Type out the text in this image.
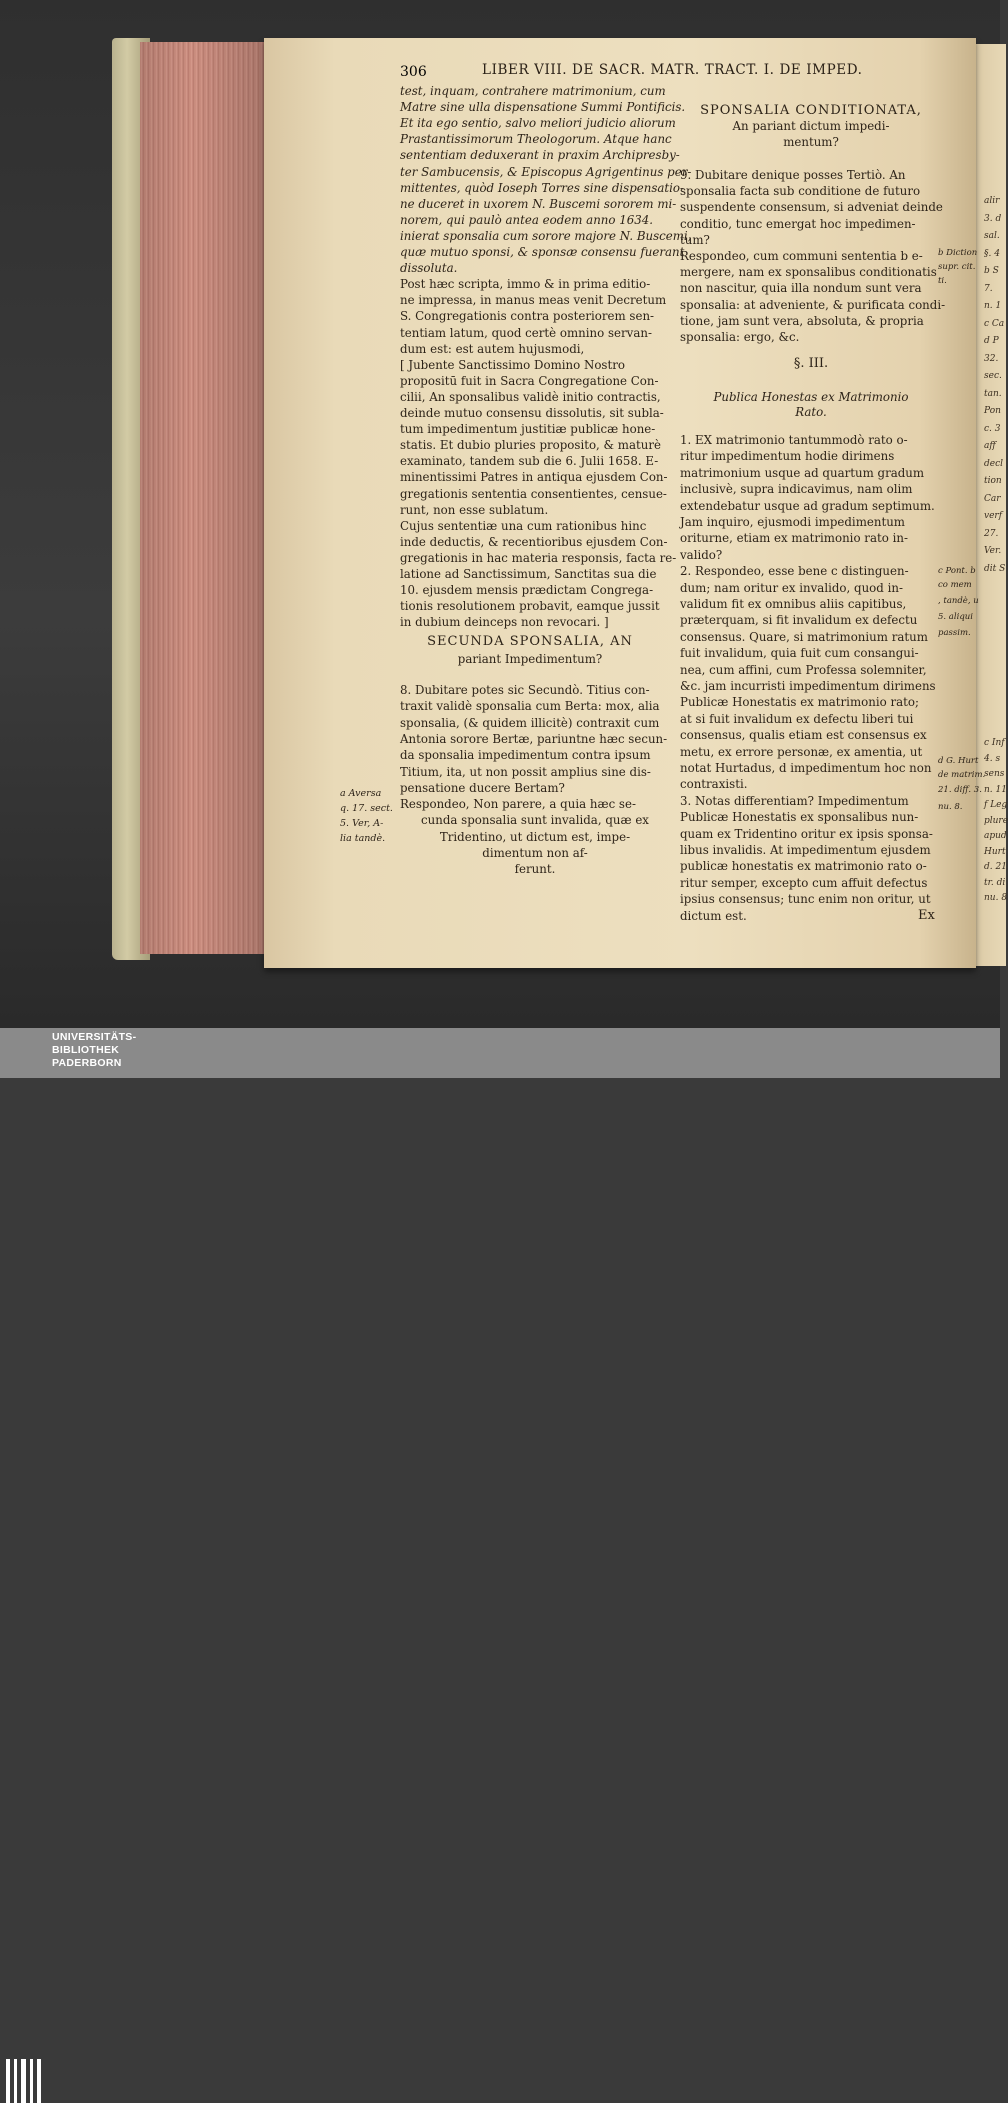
306	LIBER VIII. DE SACR. MATR. TRACT. I. DE IMPED.
test, inquam, contrahere matrimonium, cum
Matre sine ulla dispensatione Summi Pontificis.
Et ita ego sentio, salvo meliori judicio aliorum
Prastantissimorum Theologorum. Atque hanc
sententiam deduxerant in praxim Archipresby-
ter Sambucensis, & Episcopus Agrigentinus per-
mittentes, quòd Ioseph Torres sine dispensatio-
ne duceret in uxorem N. Buscemi sororem mi-
norem, qui paulò antea eodem anno 1634.
inierat sponsalia cum sorore majore N. Buscemi,
quæ mutuo sponsi, & sponsæ consensu fuerant
dissoluta.
Post hæc scripta, immo & in prima editio-
ne impressa, in manus meas venit Decretum
S. Congregationis contra posteriorem sen-
tentiam latum, quod certè omnino servan-
dum est: est autem hujusmodi,
[ Jubente Sanctissimo Domino Nostro
propositū fuit in Sacra Congregatione Con-
cilii, An sponsalibus validè initio contractis,
deinde mutuo consensu dissolutis, sit subla-
tum impedimentum justitiæ publicæ hone-
statis. Et dubio pluries proposito, & maturè
examinato, tandem sub die 6. Julii 1658. E-
minentissimi Patres in antiqua ejusdem Con-
gregationis sententia consentientes, censue-
runt, non esse sublatum.
Cujus sententiæ una cum rationibus hinc
inde deductis, & recentioribus ejusdem Con-
gregationis in hac materia responsis, facta re-
latione ad Sanctissimum, Sanctitas sua die
10. ejusdem mensis prædictam Congrega-
tionis resolutionem probavit, eamque jussit
in dubium deinceps non revocari. ]
SECUNDA SPONSALIA, AN
pariant Impedimentum?
8. Dubitare potes sic Secundò. Titius con-
traxit validè sponsalia cum Berta: mox, alia
sponsalia, (& quidem illicitè) contraxit cum
Antonia sorore Bertæ, pariuntne hæc secun-
da sponsalia impedimentum contra ipsum
Titium, ita, ut non possit amplius sine dis-
pensatione ducere Bertam?
Respondeo, Non parere, a quia hæc se-
cunda sponsalia sunt invalida, quæ ex
Tridentino, ut dictum est, impe-
dimentum non af-
ferunt.
a Aversa
q. 17. sect.
5. Ver, A-
lia tandè.
SPONSALIA CONDITIONATA,
An pariant dictum impedi-
mentum?
9. Dubitare denique posses Tertiò. An
sponsalia facta sub conditione de futuro
suspendente consensum, si adveniat deinde
conditio, tunc emergat hoc impedimen-
tum?
Respondeo, cum communi sententia b e-
mergere, nam ex sponsalibus conditionatis
non nascitur, quia illa nondum sunt vera
sponsalia: at adveniente, & purificata condi-
tione, jam sunt vera, absoluta, & propria
sponsalia: ergo, &c.
§. III.
Publica Honestas ex Matrimonio
Rato.
1. EX matrimonio tantummodò rato o-
ritur impedimentum hodie dirimens
matrimonium usque ad quartum gradum
inclusivè, supra indicavimus, nam olim
extendebatur usque ad gradum septimum.
Jam inquiro, ejusmodi impedimentum
oriturne, etiam ex matrimonio rato in-
valido?
2. Respondeo, esse bene c distinguen-
dum; nam oritur ex invalido, quod in-
validum fit ex omnibus aliis capitibus,
præterquam, si fit invalidum ex defectu
consensus. Quare, si matrimonium ratum
fuit invalidum, quia fuit cum consangui-
nea, cum affini, cum Professa solemniter,
&c. jam incurristi impedimentum dirimens
Publicæ Honestatis ex matrimonio rato;
at si fuit invalidum ex defectu liberi tui
consensus, qualis etiam est consensus ex
metu, ex errore personæ, ex amentia, ut
notat Hurtadus, d impedimentum hoc non
contraxisti.
3. Notas differentiam? Impedimentum
Publicæ Honestatis ex sponsalibus nun-
quam ex Tridentino oritur ex ipsis sponsa-
libus invalidis. At impedimentum ejusdem
publicæ honestatis ex matrimonio rato o-
ritur semper, excepto cum affuit defectus
ipsius consensus; tunc enim non oritur, ut
dictum est.
b Diction
supr. cit.
ti.
c Pont. b
co mem
, tandè, u
5. aliqui
passim.
d G. Hurt
de matrim.
21. diff. 3.
nu. 8.
Ex
alir
3. d
sal.
§. 4
b S
7.
n. 1
c Ca
d P
32.
sec.
tan.
Pon
c. 3
aff
decl
tion
Car
verf
27.
Ver.
dit S
c Inf
4. s
sens
n. 11
f Leg
plure
apud
Hurt
d. 21
tr. di
nu. 8
UNIVERSITÄTS-
BIBLIOTHEK
PADERBORN
